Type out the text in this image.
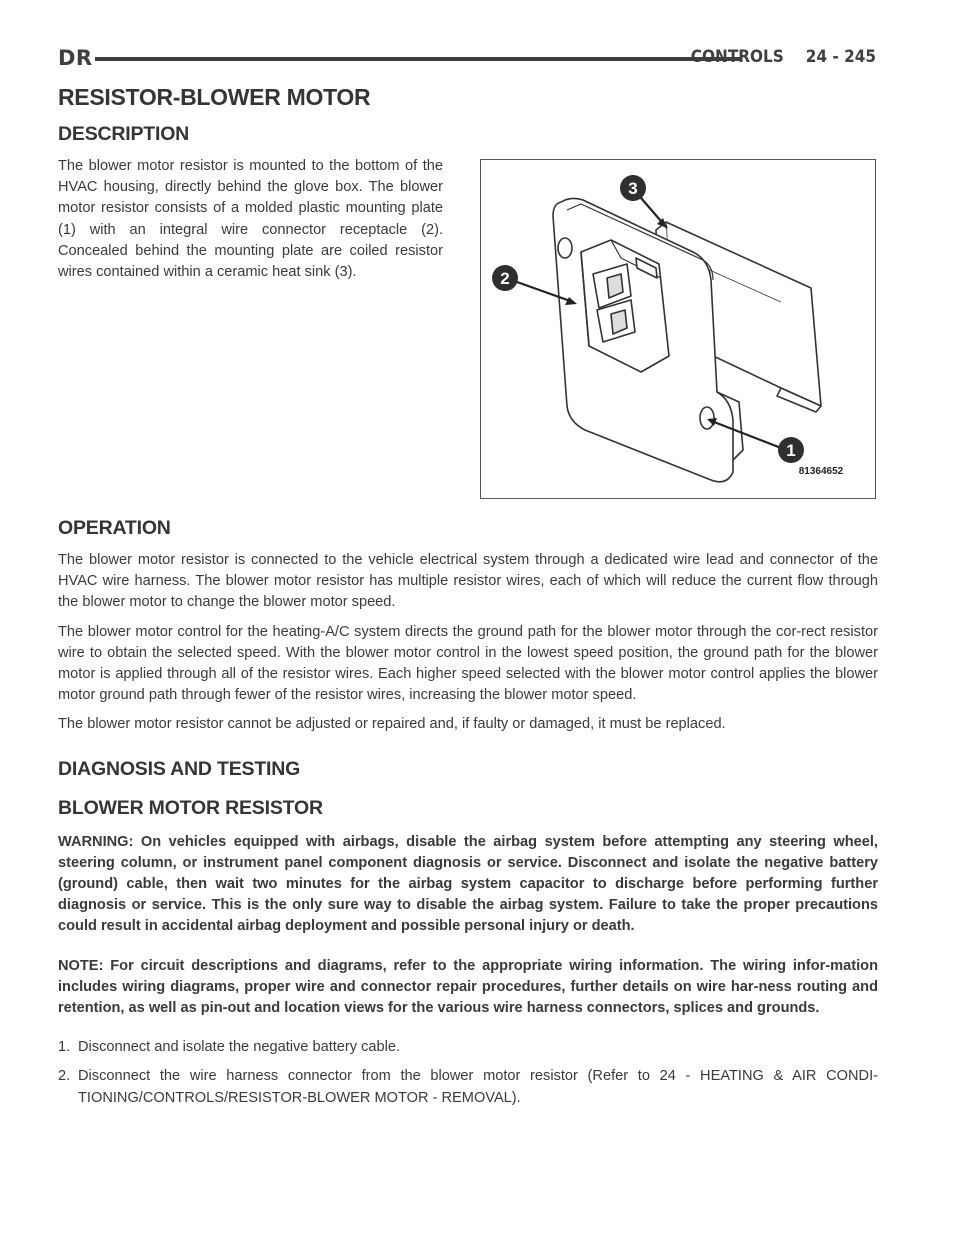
DR	CONTROLS 24 - 245
RESISTOR-BLOWER MOTOR
DESCRIPTION

The blower motor resistor is mounted to the bottom of the HVAC housing, directly behind the glove box. The blower motor resistor consists of a molded plastic mounting plate (1) with an integral wire connector receptacle (2). Concealed behind the mounting plate are coiled resistor wires contained within a ceramic heat sink (3).

3
2
1
81364652
OPERATION

The blower motor resistor is connected to the vehicle electrical system through a dedicated wire lead and connector of the HVAC wire harness. The blower motor resistor has multiple resistor wires, each of which will reduce the current flow through the blower motor to change the blower motor speed.

The blower motor control for the heating-A/C system directs the ground path for the blower motor through the cor-rect resistor wire to obtain the selected speed. With the blower motor control in the lowest speed position, the ground path for the blower motor is applied through all of the resistor wires. Each higher speed selected with the blower motor control applies the blower motor ground path through fewer of the resistor wires, increasing the blower motor speed.

The blower motor resistor cannot be adjusted or repaired and, if faulty or damaged, it must be replaced.

DIAGNOSIS AND TESTING
BLOWER MOTOR RESISTOR

WARNING: On vehicles equipped with airbags, disable the airbag system before attempting any steering wheel, steering column, or instrument panel component diagnosis or service. Disconnect and isolate the negative battery (ground) cable, then wait two minutes for the airbag system capacitor to discharge before performing further diagnosis or service. This is the only sure way to disable the airbag system. Failure to take the proper precautions could result in accidental airbag deployment and possible personal injury or death.

NOTE: For circuit descriptions and diagrams, refer to the appropriate wiring information. The wiring infor-mation includes wiring diagrams, proper wire and connector repair procedures, further details on wire har-ness routing and retention, as well as pin-out and location views for the various wire harness connectors, splices and grounds.

1. Disconnect and isolate the negative battery cable.
2. Disconnect the wire harness connector from the blower motor resistor (Refer to 24 - HEATING & AIR CONDI-TIONING/CONTROLS/RESISTOR-BLOWER MOTOR - REMOVAL).
